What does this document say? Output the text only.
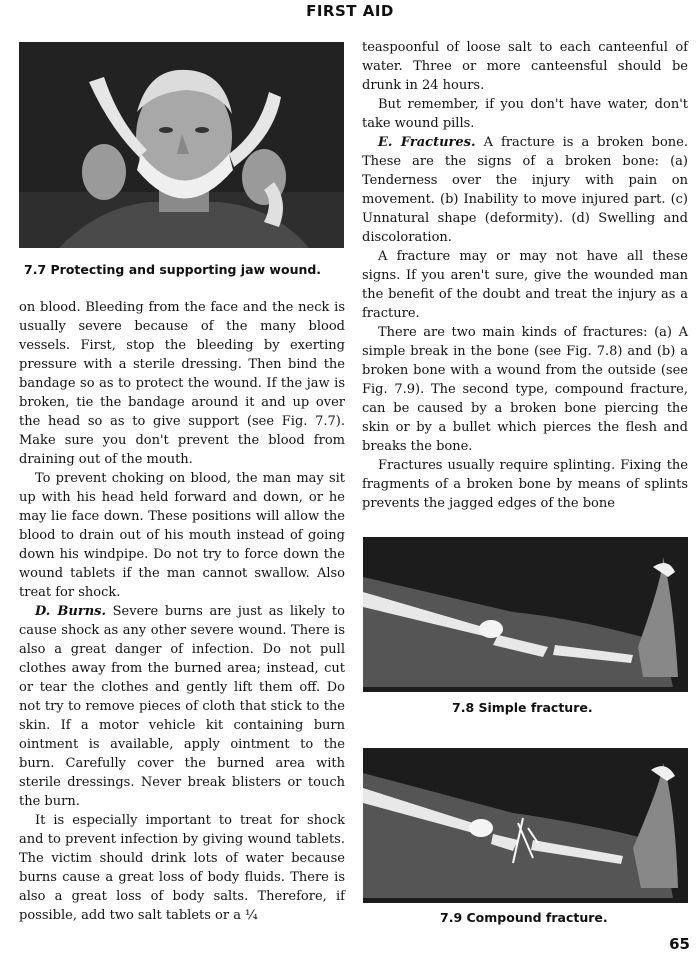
FIRST AID
7.7 Protecting and supporting jaw wound.

on blood. Bleeding from the face and the neck is usually severe because of the many blood vessels. First, stop the bleeding by exerting pressure with a sterile dressing. Then bind the bandage so as to protect the wound. If the jaw is broken, tie the bandage around it and up over the head so as to give support (see Fig. 7.7). Make sure you don't prevent the blood from draining out of the mouth.

To prevent choking on blood, the man may sit up with his head held forward and down, or he may lie face down. These positions will allow the blood to drain out of his mouth instead of going down his windpipe. Do not try to force down the wound tablets if the man cannot swallow. Also treat for shock.

D. Burns. Severe burns are just as likely to cause shock as any other severe wound. There is also a great danger of infection. Do not pull clothes away from the burned area; instead, cut or tear the clothes and gently lift them off. Do not try to remove pieces of cloth that stick to the skin. If a motor vehicle kit containing burn ointment is available, apply ointment to the burn. Carefully cover the burned area with sterile dressings. Never break blisters or touch the burn.

It is especially important to treat for shock and to prevent infection by giving wound tablets. The victim should drink lots of water because burns cause a great loss of body fluids. There is also a great loss of body salts. Therefore, if possible, add two salt tablets or a ¼

teaspoonful of loose salt to each canteenful of water. Three or more canteensful should be drunk in 24 hours.

But remember, if you don't have water, don't take wound pills.

E. Fractures. A fracture is a broken bone. These are the signs of a broken bone: (a) Tenderness over the injury with pain on movement. (b) Inability to move injured part. (c) Unnatural shape (deformity). (d) Swelling and discoloration.

A fracture may or may not have all these signs. If you aren't sure, give the wounded man the benefit of the doubt and treat the injury as a fracture.

There are two main kinds of fractures: (a) A simple break in the bone (see Fig. 7.8) and (b) a broken bone with a wound from the outside (see Fig. 7.9). The second type, compound fracture, can be caused by a broken bone piercing the skin or by a bullet which pierces the flesh and breaks the bone.

Fractures usually require splinting. Fixing the fragments of a broken bone by means of splints prevents the jagged edges of the bone

7.8 Simple fracture.
7.9 Compound fracture.
65
